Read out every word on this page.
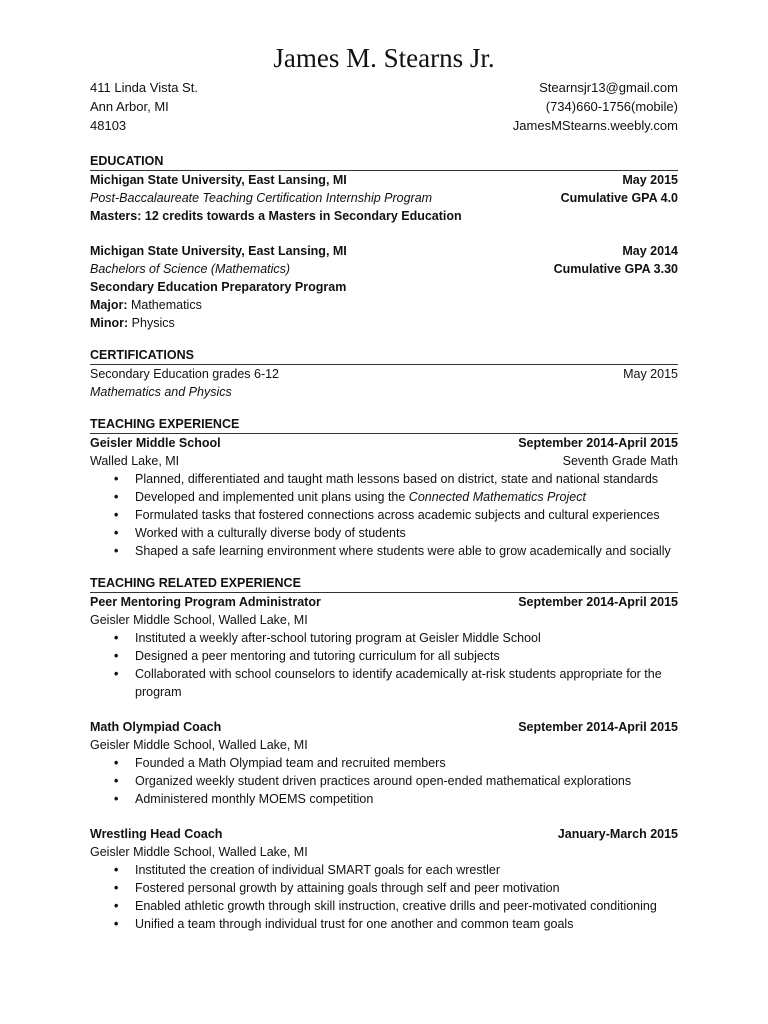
James M. Stearns Jr.
411 Linda Vista St.	Stearnsjr13@gmail.com
Ann Arbor, MI	(734)660-1756(mobile)
48103	JamesMStearns.weebly.com
EDUCATION
Michigan State University, East Lansing, MI	May 2015
Post-Baccalaureate Teaching Certification Internship Program	Cumulative GPA 4.0
Masters: 12 credits towards a Masters in Secondary Education
Michigan State University, East Lansing, MI	May 2014
Bachelors of Science (Mathematics)	Cumulative GPA 3.30
Secondary Education Preparatory Program
Major: Mathematics
Minor: Physics
CERTIFICATIONS
Secondary Education grades 6-12	May 2015
Mathematics and Physics
TEACHING EXPERIENCE
Geisler Middle School	September 2014-April 2015
Walled Lake, MI	Seventh Grade Math
• Planned, differentiated and taught math lessons based on district, state and national standards
• Developed and implemented unit plans using the Connected Mathematics Project
• Formulated tasks that fostered connections across academic subjects and cultural experiences
• Worked with a culturally diverse body of students
• Shaped a safe learning environment where students were able to grow academically and socially
TEACHING RELATED EXPERIENCE
Peer Mentoring Program Administrator	September 2014-April 2015
Geisler Middle School, Walled Lake, MI
• Instituted a weekly after-school tutoring program at Geisler Middle School
• Designed a peer mentoring and tutoring curriculum for all subjects
• Collaborated with school counselors to identify academically at-risk students appropriate for the program
Math Olympiad Coach	September 2014-April 2015
Geisler Middle School, Walled Lake, MI
• Founded a Math Olympiad team and recruited members
• Organized weekly student driven practices around open-ended mathematical explorations
• Administered monthly MOEMS competition
Wrestling Head Coach	January-March 2015
Geisler Middle School, Walled Lake, MI
• Instituted the creation of individual SMART goals for each wrestler
• Fostered personal growth by attaining goals through self and peer motivation
• Enabled athletic growth through skill instruction, creative drills and peer-motivated conditioning
• Unified a team through individual trust for one another and common team goals
